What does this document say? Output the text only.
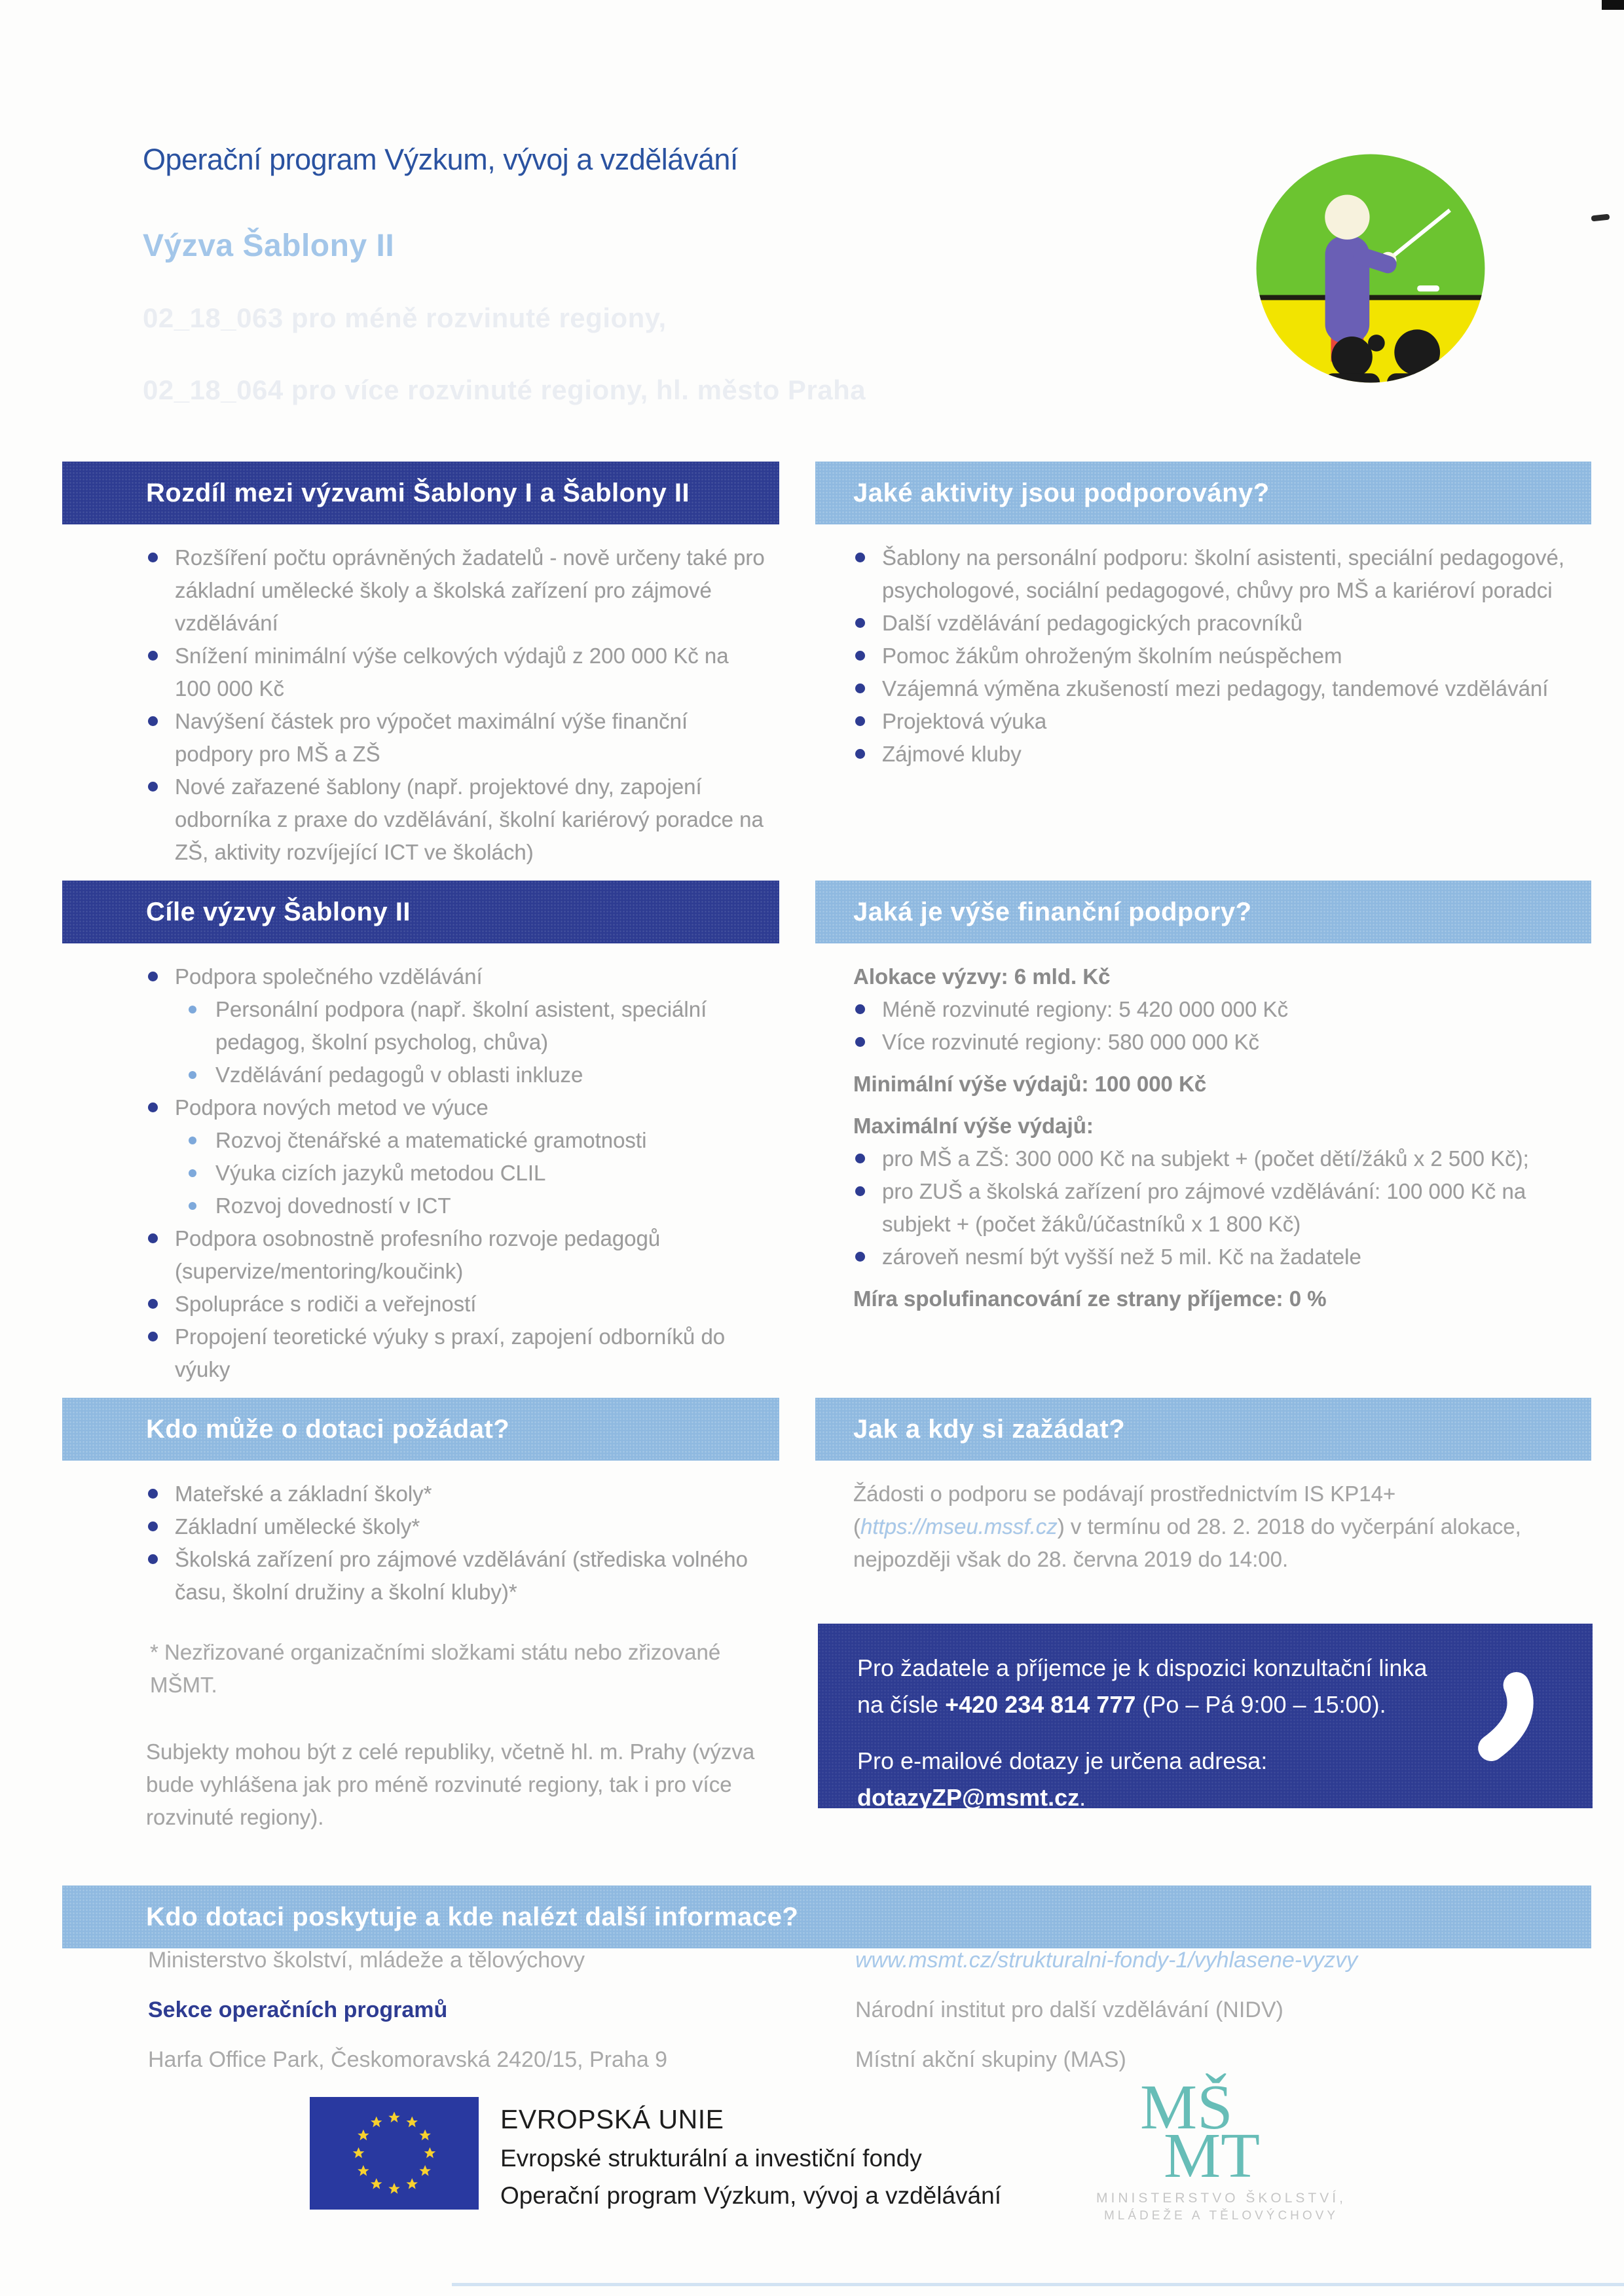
Operační program Výzkum, vývoj a vzdělávání
Výzva Šablony II
02_18_063 pro méně rozvinuté regiony,
02_18_064 pro více rozvinuté regiony, hl. město Praha
Rozdíl mezi výzvami Šablony I a Šablony II
Rozšíření počtu oprávněných žadatelů - nově určeny také pro základní umělecké školy a školská zařízení pro zájmové vzdělávání
Snížení minimální výše celkových výdajů z 200 000 Kč na 100 000 Kč
Navýšení částek pro výpočet maximální výše finanční podpory pro MŠ a ZŠ
Nové zařazené šablony (např. projektové dny, zapojení odborníka z praxe do vzdělávání, školní kariérový poradce na ZŠ, aktivity rozvíjející ICT ve školách)
Jaké aktivity jsou podporovány?
Šablony na personální podporu: školní asistenti, speciální pedagogové, psychologové, sociální pedagogové, chůvy pro MŠ a kariéroví poradci
Další vzdělávání pedagogických pracovníků
Pomoc žákům ohroženým školním neúspěchem
Vzájemná výměna zkušeností mezi pedagogy, tandemové vzdělávání
Projektová výuka
Zájmové kluby
Cíle výzvy Šablony II
Podpora společného vzdělávání
Personální podpora (např. školní asistent, speciální pedagog, školní psycholog, chůva)
Vzdělávání pedagogů v oblasti inkluze
Podpora nových metod ve výuce
Rozvoj čtenářské a matematické gramotnosti
Výuka cizích jazyků metodou CLIL
Rozvoj dovedností v ICT
Podpora osobnostně profesního rozvoje pedagogů (supervize/mentoring/koučink)
Spolupráce s rodiči a veřejností
Propojení teoretické výuky s praxí, zapojení odborníků do výuky
Jaká je výše finanční podpory?
Alokace výzvy: 6 mld. Kč
Méně rozvinuté regiony: 5 420 000 000 Kč
Více rozvinuté regiony: 580 000 000 Kč
Minimální výše výdajů: 100 000 Kč
Maximální výše výdajů:
pro MŠ a ZŠ: 300 000 Kč na subjekt + (počet dětí/žáků x 2 500 Kč);
pro ZUŠ a školská zařízení pro zájmové vzdělávání: 100 000 Kč na subjekt + (počet žáků/účastníků x 1 800 Kč)
zároveň nesmí být vyšší než 5 mil. Kč na žadatele
Míra spolufinancování ze strany příjemce: 0 %
Kdo může o dotaci požádat?
Mateřské a základní školy*
Základní umělecké školy*
Školská zařízení pro zájmové vzdělávání (střediska volného času, školní družiny a školní kluby)*
* Nezřizované organizačními složkami státu nebo zřizované MŠMT.
Subjekty mohou být z celé republiky, včetně hl. m. Prahy (výzva bude vyhlášena jak pro méně rozvinuté regiony, tak i pro více rozvinuté regiony).
Jak a kdy si zažádat?
Žádosti o podporu se podávají prostřednictvím IS KP14+ (https://mseu.mssf.cz) v termínu od 28. 2. 2018 do vyčerpání alokace, nejpozději však do 28. června 2019 do 14:00.
Pro žadatele a příjemce je k dispozici konzultační linka
na čísle +420 234 814 777 (Po – Pá 9:00 – 15:00).
Pro e-mailové dotazy je určena adresa:
dotazyZP@msmt.cz.
Kdo dotaci poskytuje a kde nalézt další informace?
Ministerstvo školství, mládeže a tělovýchovy
Sekce operačních programů
Harfa Office Park, Českomoravská 2420/15, Praha 9
www.msmt.cz/strukturalni-fondy-1/vyhlasene-vyzvy
Národní institut pro další vzdělávání (NIDV)
Místní akční skupiny (MAS)
EVROPSKÁ UNIE
Evropské strukturální a investiční fondy
Operační program Výzkum, vývoj a vzdělávání
MŠ
MT
MINISTERSTVO ŠKOLSTVÍ,
MLÁDEŽE A TĚLOVÝCHOVY
